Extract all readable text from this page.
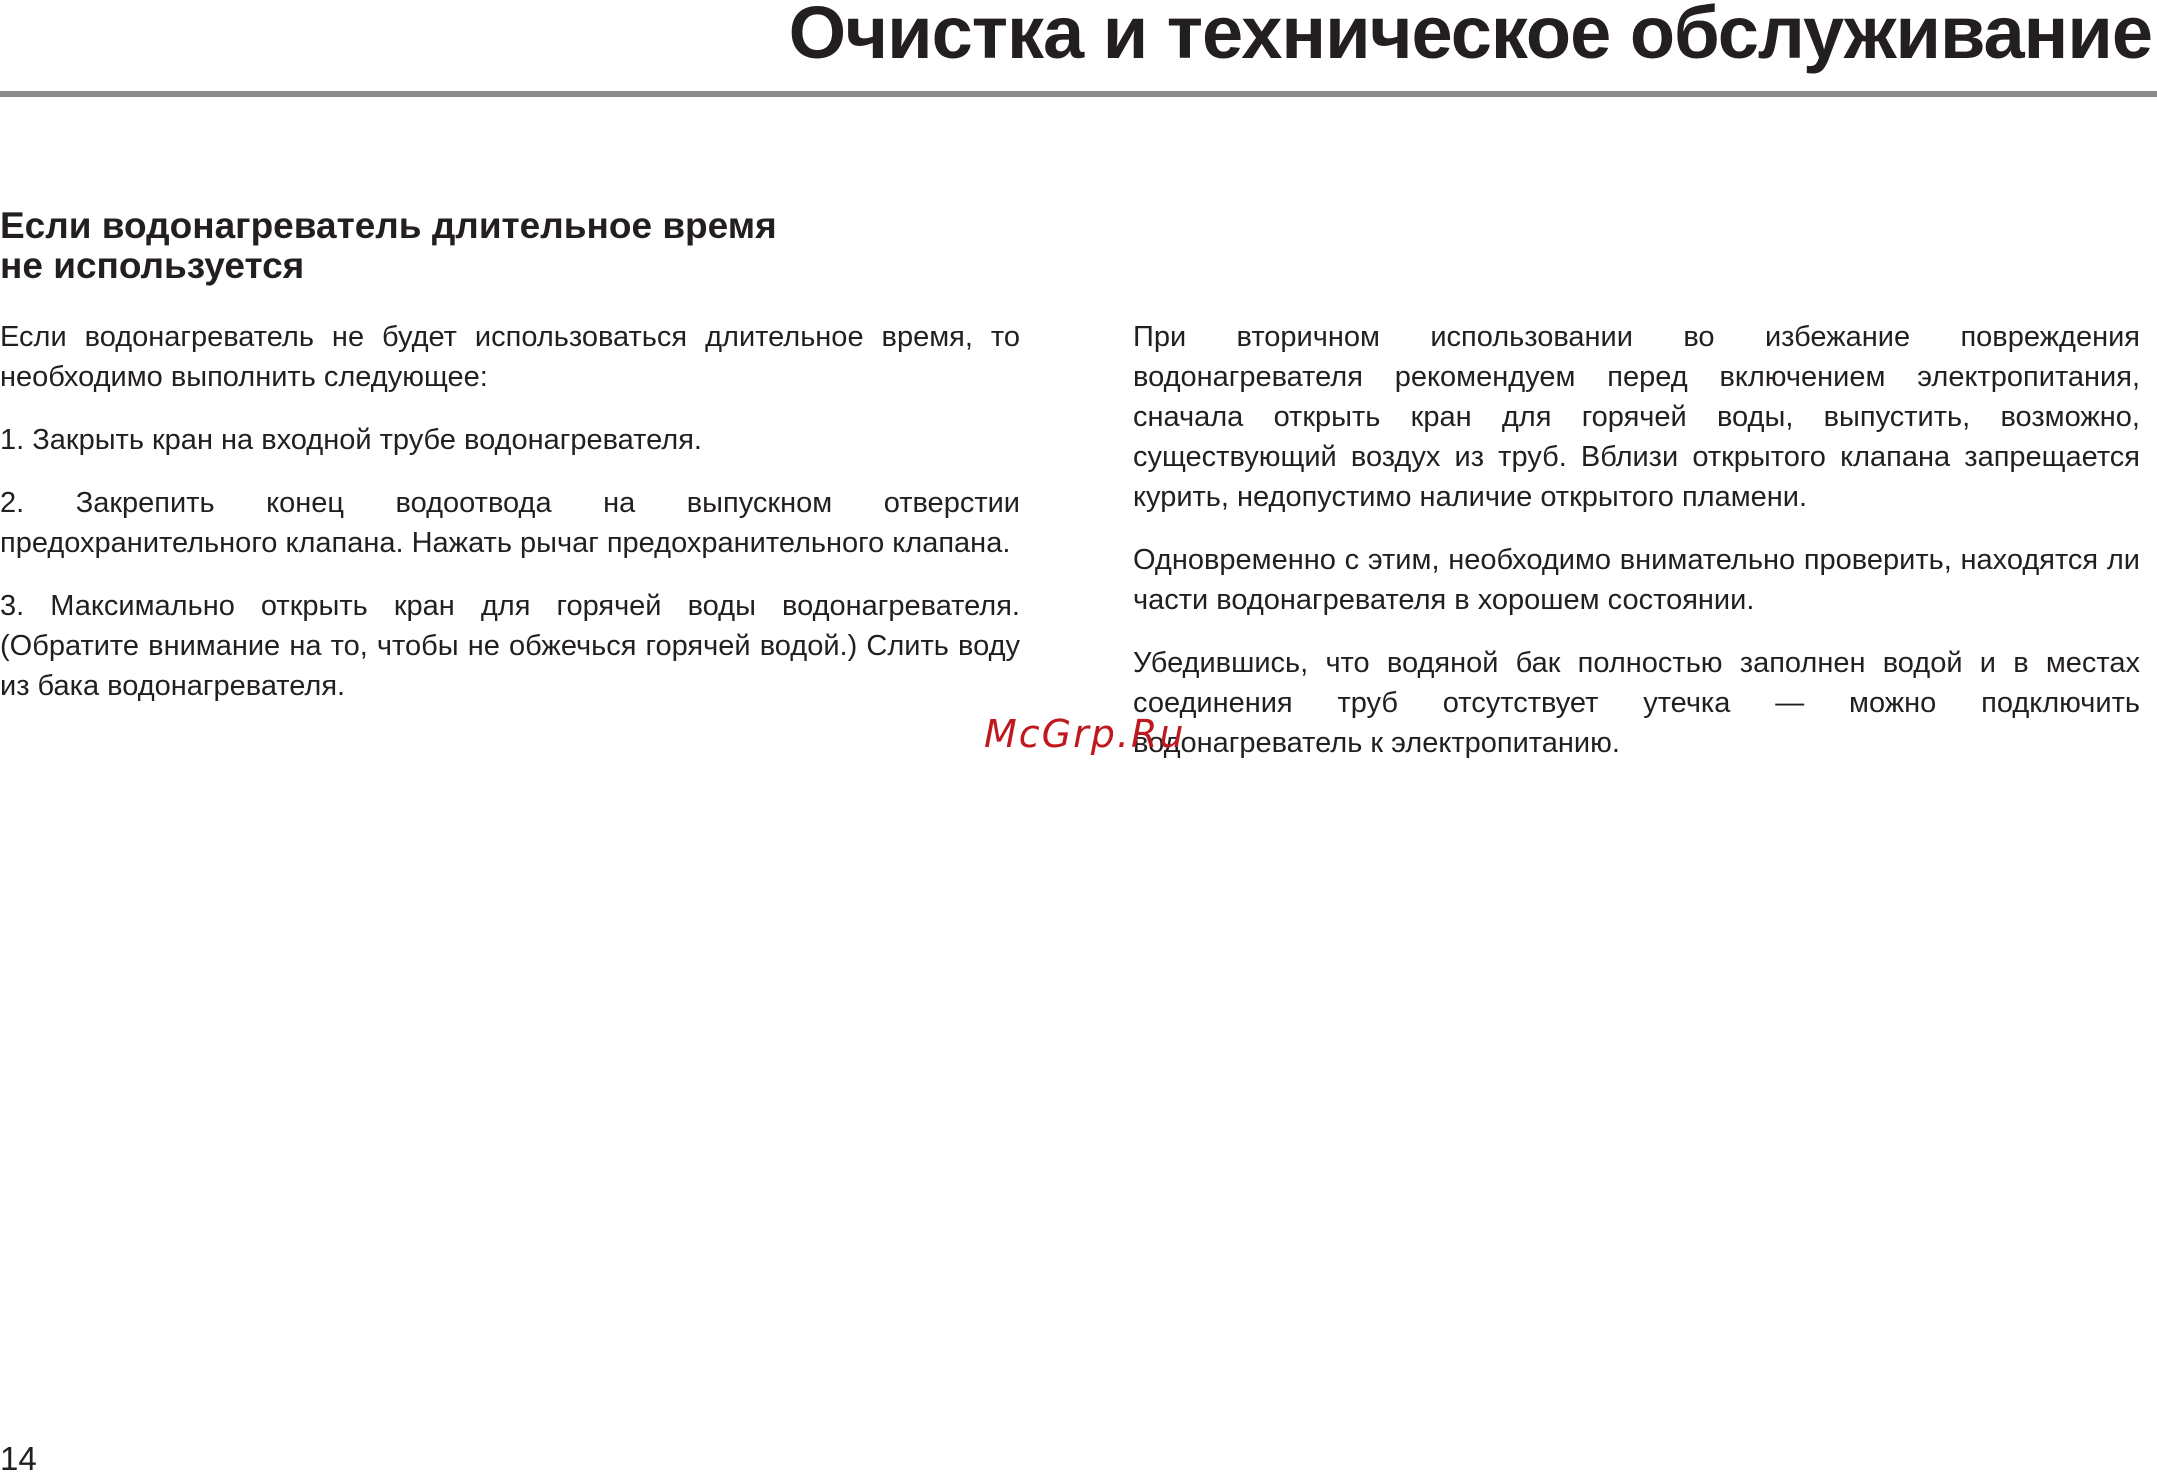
Очистка и техническое обслуживание
Если водонагреватель длительное время
не используется

Если водонагреватель не будет использоваться длительное время, то необходимо выполнить следующее:

1. Закрыть кран на входной трубе водонагревателя.

2. Закрепить конец водоотвода на выпускном отверстии предохранительного клапана. Нажать рычаг предохранительного клапана.

3. Максимально открыть кран для горячей воды водонагревателя. (Обратите внимание на то, чтобы не обжечься горячей водой.) Слить воду из бака водонагревателя.

При вторичном использовании во избежание повреждения водонагревателя рекомендуем перед включением электропитания, сначала открыть кран для горячей воды, выпустить, возможно, существующий воздух из труб. Вблизи открытого клапана запрещается курить, недопустимо наличие открытого пламени.

Одновременно с этим, необходимо внимательно проверить, находятся ли части водонагревателя в хорошем состоянии.

Убедившись, что водяной бак полностью заполнен водой и в местах соединения труб отсутствует утечка — можно подключить водонагреватель к электропитанию.

McGrp.Ru
14
